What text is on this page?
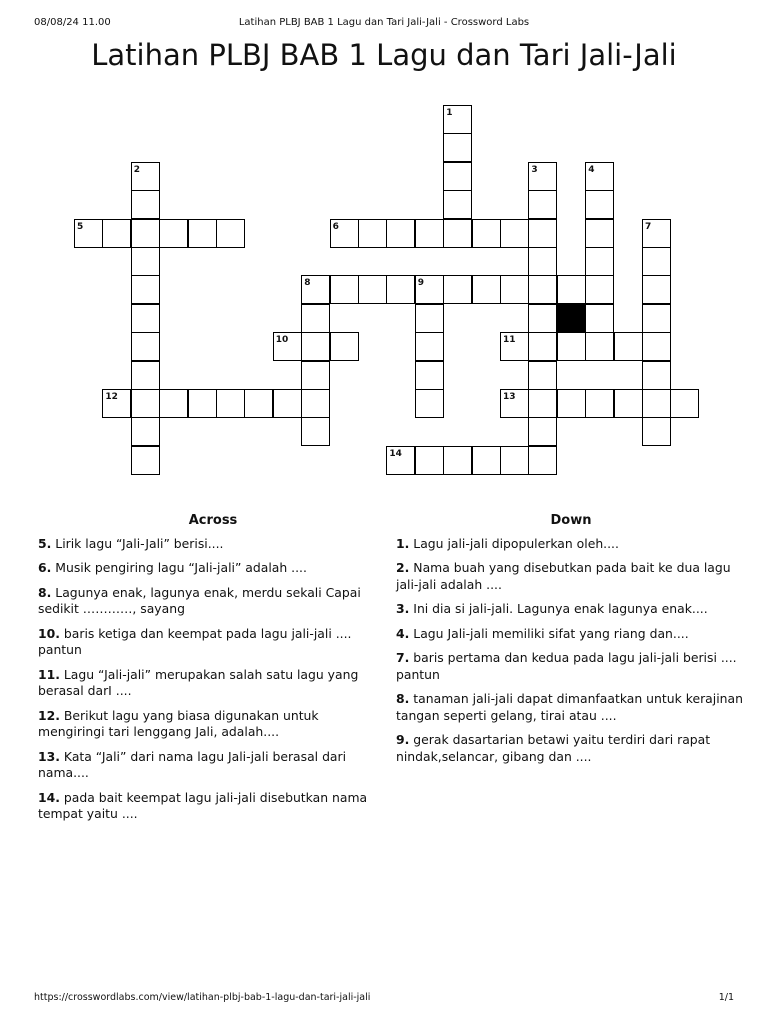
08/08/24 11.00	Latihan PLBJ BAB 1 Lagu dan Tari Jali-Jali - Crossword Labs
Latihan PLBJ BAB 1 Lagu dan Tari Jali-Jali
1
2	3	4
5	6	7
8	9
10	11
12	13
14
Across
5. Lirik lagu “Jali-Jali” berisi....
6. Musik pengiring lagu “Jali-jali” adalah ....
8. Lagunya enak, lagunya enak, merdu sekali Capai sedikit …………, sayang
10. baris ketiga dan keempat pada lagu jali-jali .... pantun
11. Lagu “Jali-jali” merupakan salah satu lagu yang berasal darI ....
12. Berikut lagu yang biasa digunakan untuk mengiringi tari lenggang Jali, adalah....
13. Kata “Jali” dari nama lagu Jali-jali berasal dari nama....
14. pada bait keempat lagu jali-jali disebutkan nama tempat yaitu ....
Down
1. Lagu jali-jali dipopulerkan oleh....
2. Nama buah yang disebutkan pada bait ke dua lagu jali-jali adalah ....
3. Ini dia si jali-jali. Lagunya enak lagunya enak....
4. Lagu Jali-jali memiliki sifat yang riang dan....
7. baris pertama dan kedua pada lagu jali-jali berisi .... pantun
8. tanaman jali-jali dapat dimanfaatkan untuk kerajinan tangan seperti gelang, tirai atau ....
9. gerak dasartarian betawi yaitu terdiri dari rapat nindak,selancar, gibang dan ....
https://crosswordlabs.com/view/latihan-plbj-bab-1-lagu-dan-tari-jali-jali	1/1
